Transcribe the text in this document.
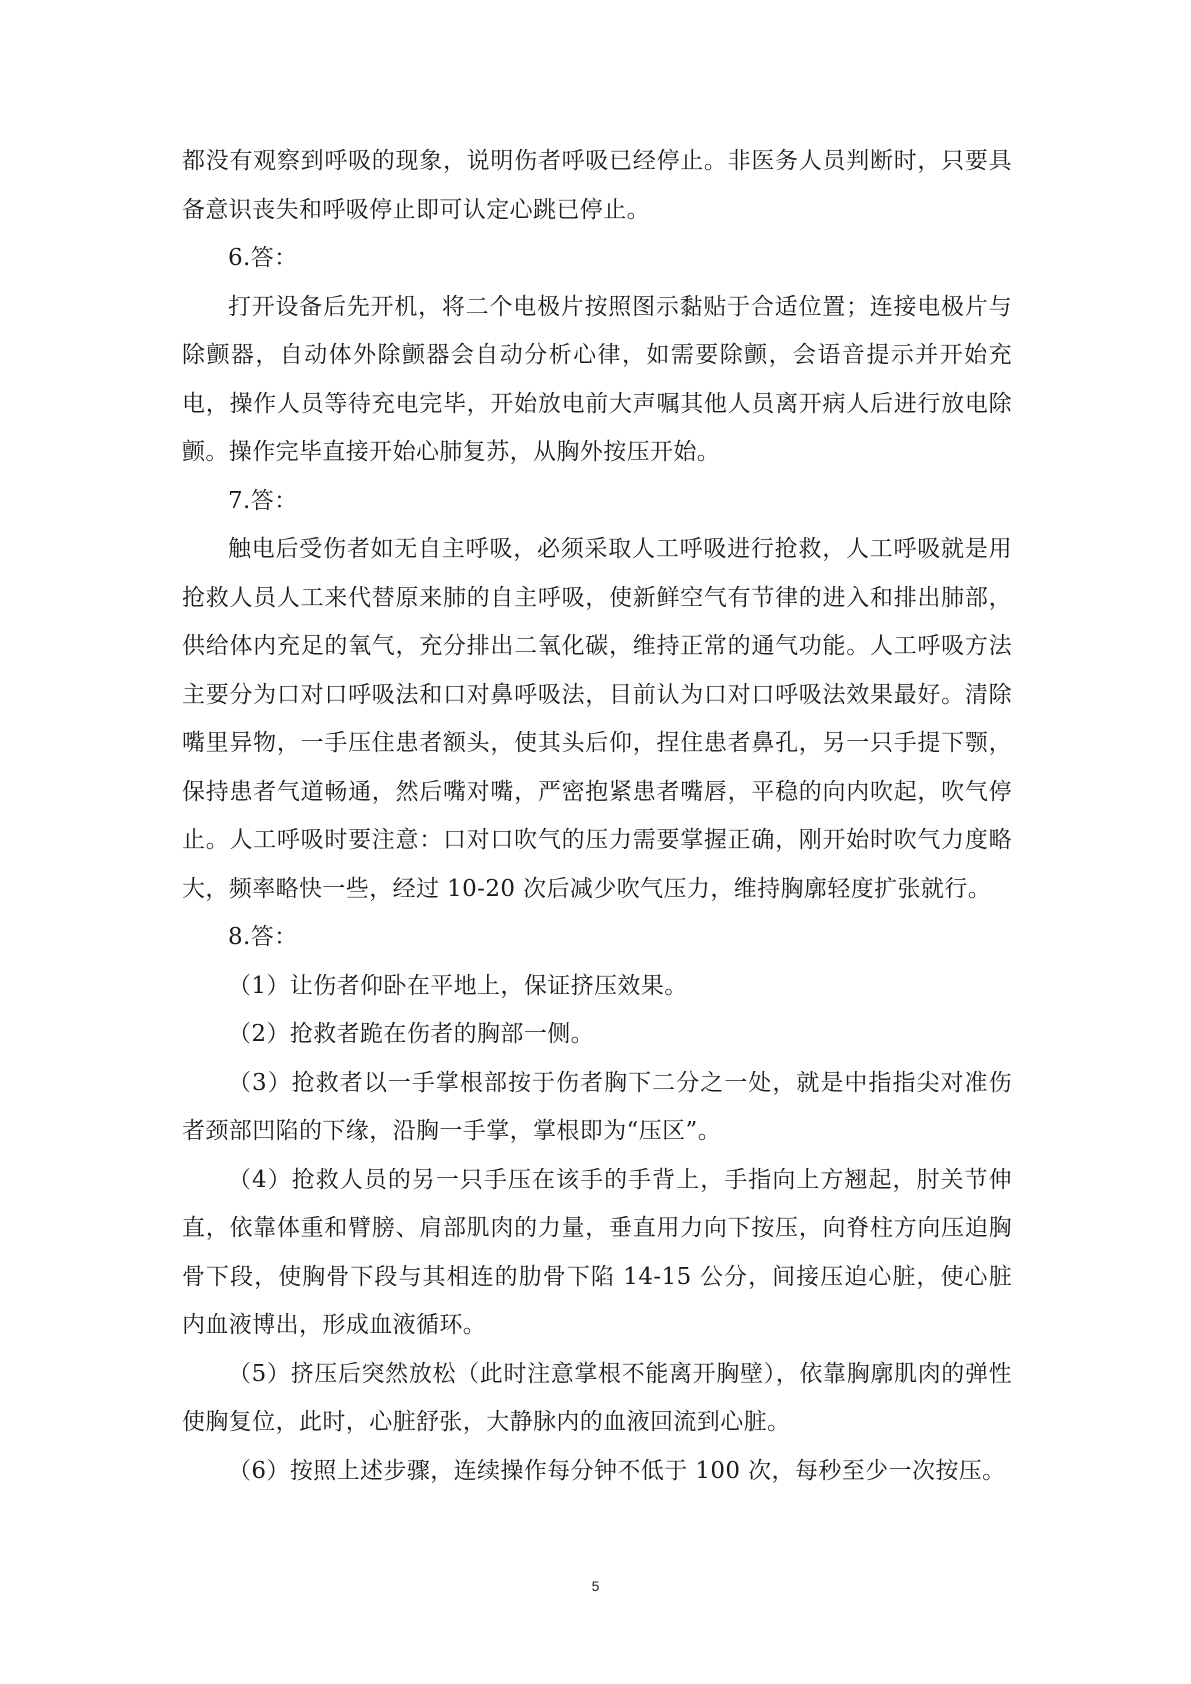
都没有观察到呼吸的现象，说明伤者呼吸已经停止。非医务人员判断时，只要具备意识丧失和呼吸停止即可认定心跳已停止。

6.答：

打开设备后先开机，将二个电极片按照图示黏贴于合适位置；连接电极片与除颤器，自动体外除颤器会自动分析心律，如需要除颤，会语音提示并开始充电，操作人员等待充电完毕，开始放电前大声嘱其他人员离开病人后进行放电除颤。操作完毕直接开始心肺复苏，从胸外按压开始。

7.答：

触电后受伤者如无自主呼吸，必须采取人工呼吸进行抢救，人工呼吸就是用抢救人员人工来代替原来肺的自主呼吸，使新鲜空气有节律的进入和排出肺部，供给体内充足的氧气，充分排出二氧化碳，维持正常的通气功能。人工呼吸方法主要分为口对口呼吸法和口对鼻呼吸法，目前认为口对口呼吸法效果最好。清除嘴里异物，一手压住患者额头，使其头后仰，捏住患者鼻孔，另一只手提下颚，保持患者气道畅通，然后嘴对嘴，严密抱紧患者嘴唇，平稳的向内吹起，吹气停止。人工呼吸时要注意：口对口吹气的压力需要掌握正确，刚开始时吹气力度略大，频率略快一些，经过 10-20 次后减少吹气压力，维持胸廓轻度扩张就行。

8.答：

（1）让伤者仰卧在平地上，保证挤压效果。

（2）抢救者跪在伤者的胸部一侧。

（3）抢救者以一手掌根部按于伤者胸下二分之一处，就是中指指尖对准伤者颈部凹陷的下缘，沿胸一手掌，掌根即为“压区”。

（4）抢救人员的另一只手压在该手的手背上，手指向上方翘起，肘关节伸直，依靠体重和臂膀、肩部肌肉的力量，垂直用力向下按压，向脊柱方向压迫胸骨下段，使胸骨下段与其相连的肋骨下陷 14-15 公分，间接压迫心脏，使心脏内血液博出，形成血液循环。

（5）挤压后突然放松（此时注意掌根不能离开胸壁），依靠胸廓肌肉的弹性使胸复位，此时，心脏舒张，大静脉内的血液回流到心脏。

（6）按照上述步骤，连续操作每分钟不低于 100 次，每秒至少一次按压。

5
